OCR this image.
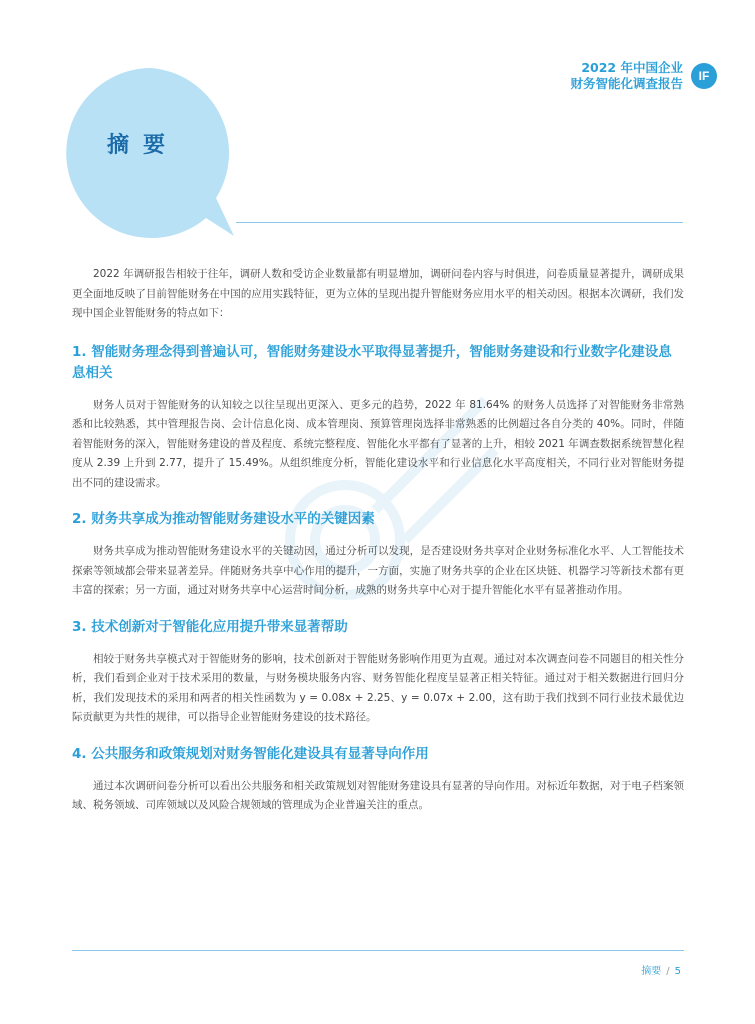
2022 年中国企业
财务智能化调查报告	IF
摘要

2022 年调研报告相较于往年，调研人数和受访企业数量都有明显增加，调研问卷内容与时俱进，问卷质量显著提升，调研成果更全面地反映了目前智能财务在中国的应用实践特征，更为立体的呈现出提升智能财务应用水平的相关动因。根据本次调研，我们发现中国企业智能财务的特点如下：

1. 智能财务理念得到普遍认可，智能财务建设水平取得显著提升，智能财务建设和行业数字化建设息息相关

财务人员对于智能财务的认知较之以往呈现出更深入、更多元的趋势，2022 年 81.64% 的财务人员选择了对智能财务非常熟悉和比较熟悉，其中管理报告岗、会计信息化岗、成本管理岗、预算管理岗选择非常熟悉的比例超过各自分类的 40%。同时，伴随着智能财务的深入，智能财务建设的普及程度、系统完整程度、智能化水平都有了显著的上升，相较 2021 年调查数据系统智慧化程度从 2.39 上升到 2.77，提升了 15.49%。从组织维度分析，智能化建设水平和行业信息化水平高度相关，不同行业对智能财务提出不同的建设需求。

2. 财务共享成为推动智能财务建设水平的关键因素

财务共享成为推动智能财务建设水平的关键动因，通过分析可以发现，是否建设财务共享对企业财务标准化水平、人工智能技术探索等领域都会带来显著差异。伴随财务共享中心作用的提升，一方面，实施了财务共享的企业在区块链、机器学习等新技术都有更丰富的探索；另一方面，通过对财务共享中心运营时间分析，成熟的财务共享中心对于提升智能化水平有显著推动作用。

3. 技术创新对于智能化应用提升带来显著帮助

相较于财务共享模式对于智能财务的影响，技术创新对于智能财务影响作用更为直观。通过对本次调查问卷不同题目的相关性分析，我们看到企业对于技术采用的数量，与财务模块服务内容、财务智能化程度呈显著正相关特征。通过对于相关数据进行回归分析，我们发现技术的采用和两者的相关性函数为 y = 0.08x + 2.25、y = 0.07x + 2.00，这有助于我们找到不同行业技术最优边际贡献更为共性的规律，可以指导企业智能财务建设的技术路径。

4. 公共服务和政策规划对财务智能化建设具有显著导向作用

通过本次调研问卷分析可以看出公共服务和相关政策规划对智能财务建设具有显著的导向作用。对标近年数据，对于电子档案领域、税务领域、司库领域以及风险合规领域的管理成为企业普遍关注的重点。

摘要 / 5
